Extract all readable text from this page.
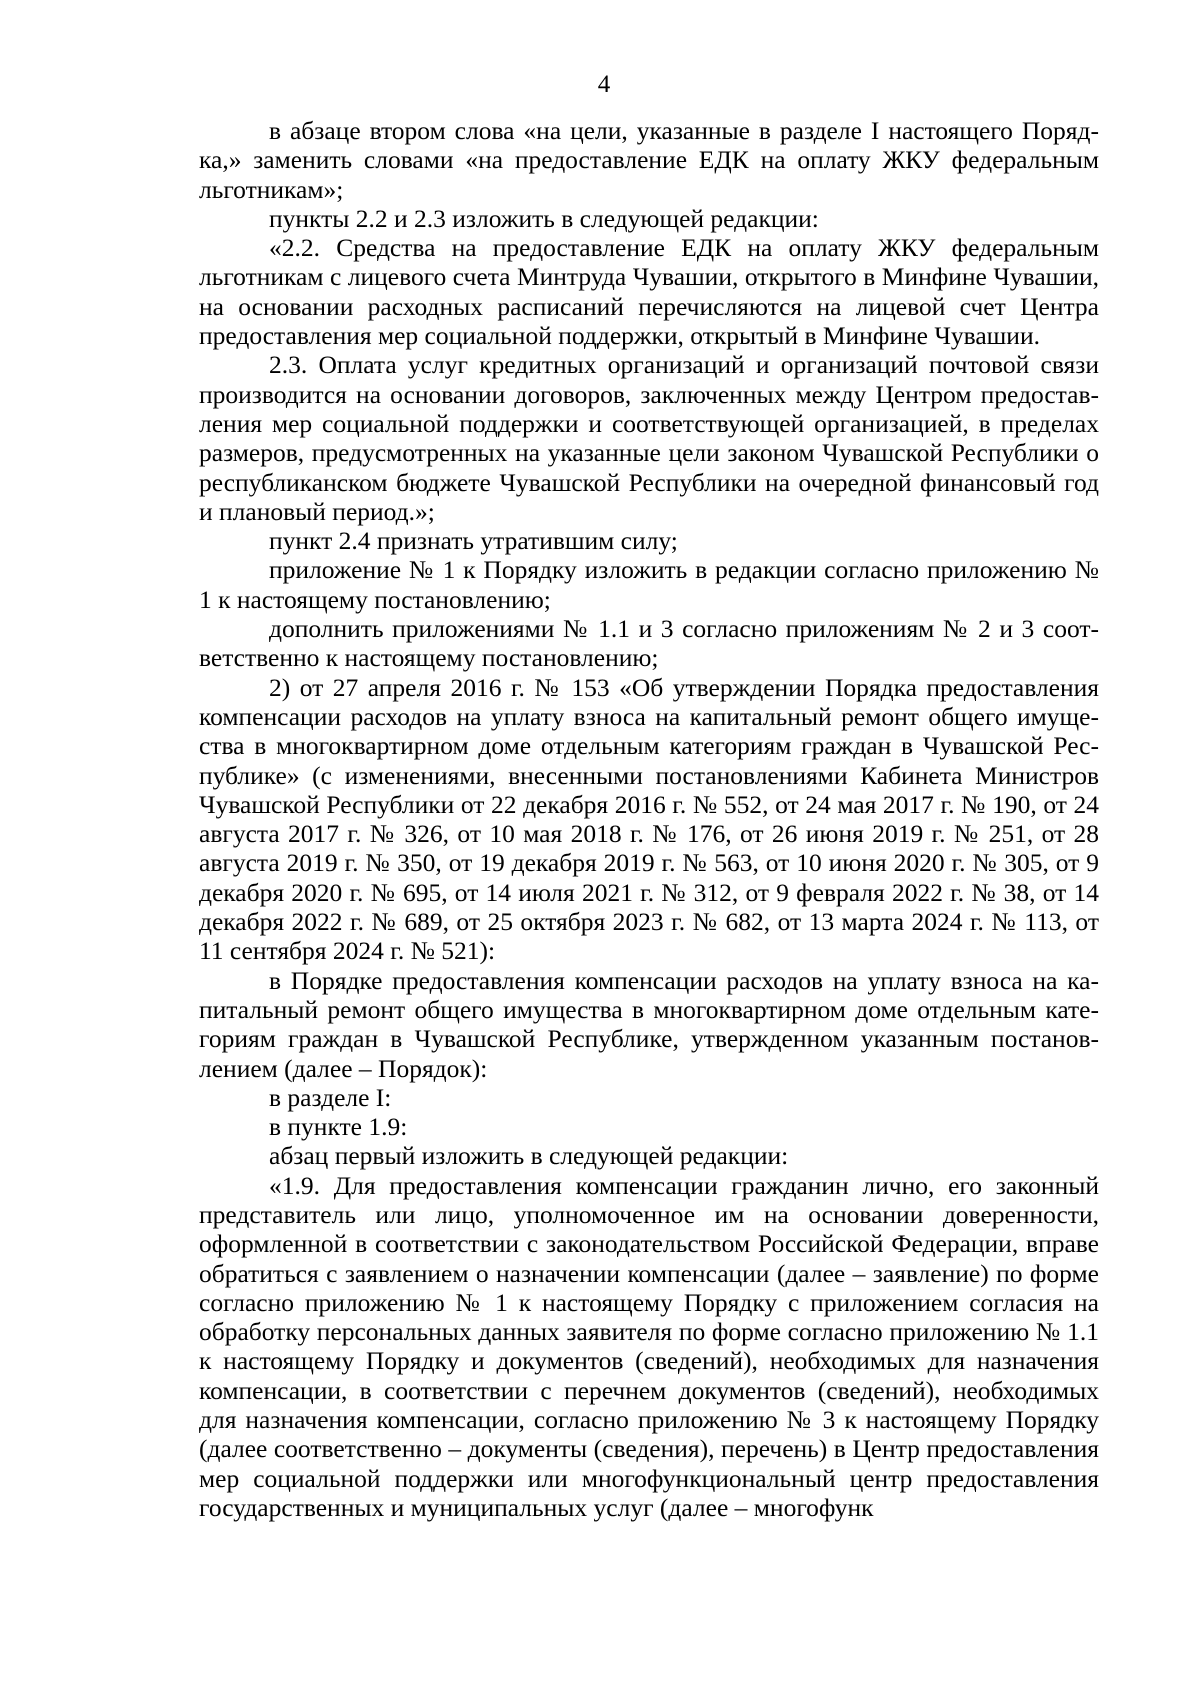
4

в абзаце втором слова «на цели, указанные в разделе I настоящего Порядка,» заменить словами «на предоставление ЕДК на оплату ЖКУ федеральным льготникам»;

пункты 2.2 и 2.3 изложить в следующей редакции:

«2.2. Средства на предоставление ЕДК на оплату ЖКУ федеральным льготникам с лицевого счета Минтруда Чувашии, открытого в Минфине Чувашии, на основании расходных расписаний перечисляются на лицевой счет Центра предоставления мер социальной поддержки, открытый в Минфине Чувашии.

2.3. Оплата услуг кредитных организаций и организаций почтовой связи производится на основании договоров, заключенных между Центром предоставления мер социальной поддержки и соответствующей организацией, в пределах размеров, предусмотренных на указанные цели законом Чувашской Республики о республиканском бюджете Чувашской Республики на очередной финансовый год и плановый период.»;

пункт 2.4 признать утратившим силу;

приложение № 1 к Порядку изложить в редакции согласно приложению № 1 к настоящему постановлению;

дополнить приложениями № 1.1 и 3 согласно приложениям № 2 и 3 соответственно к настоящему постановлению;

2) от 27 апреля 2016 г. № 153 «Об утверждении Порядка предоставления компенсации расходов на уплату взноса на капитальный ремонт общего имущества в многоквартирном доме отдельным категориям граждан в Чувашской Республике» (с изменениями, внесенными постановлениями Кабинета Министров Чувашской Республики от 22 декабря 2016 г. № 552, от 24 мая 2017 г. № 190, от 24 августа 2017 г. № 326, от 10 мая 2018 г. № 176, от 26 июня 2019 г. № 251, от 28 августа 2019 г. № 350, от 19 декабря 2019 г. № 563, от 10 июня 2020 г. № 305, от 9 декабря 2020 г. № 695, от 14 июля 2021 г. № 312, от 9 февраля 2022 г. № 38, от 14 декабря 2022 г. № 689, от 25 октября 2023 г. № 682, от 13 марта 2024 г. № 113, от 11 сентября 2024 г. № 521):

в Порядке предоставления компенсации расходов на уплату взноса на капитальный ремонт общего имущества в многоквартирном доме отдельным категориям граждан в Чувашской Республике, утвержденном указанным постановлением (далее – Порядок):

в разделе I:

в пункте 1.9:

абзац первый изложить в следующей редакции:

«1.9. Для предоставления компенсации гражданин лично, его законный представитель или лицо, уполномоченное им на основании доверенности, оформленной в соответствии с законодательством Российской Федерации, вправе обратиться с заявлением о назначении компенсации (далее – заявление) по форме согласно приложению № 1 к настоящему Порядку с приложением согласия на обработку персональных данных заявителя по форме согласно приложению № 1.1 к настоящему Порядку и документов (сведений), необходимых для назначения компенсации, в соответствии с перечнем документов (сведений), необходимых для назначения компенсации, согласно приложению № 3 к настоящему Порядку (далее соответственно – документы (сведения), перечень) в Центр предоставления мер социальной поддержки или многофункциональный центр предоставления государственных и муниципальных услуг (далее – многофунк
